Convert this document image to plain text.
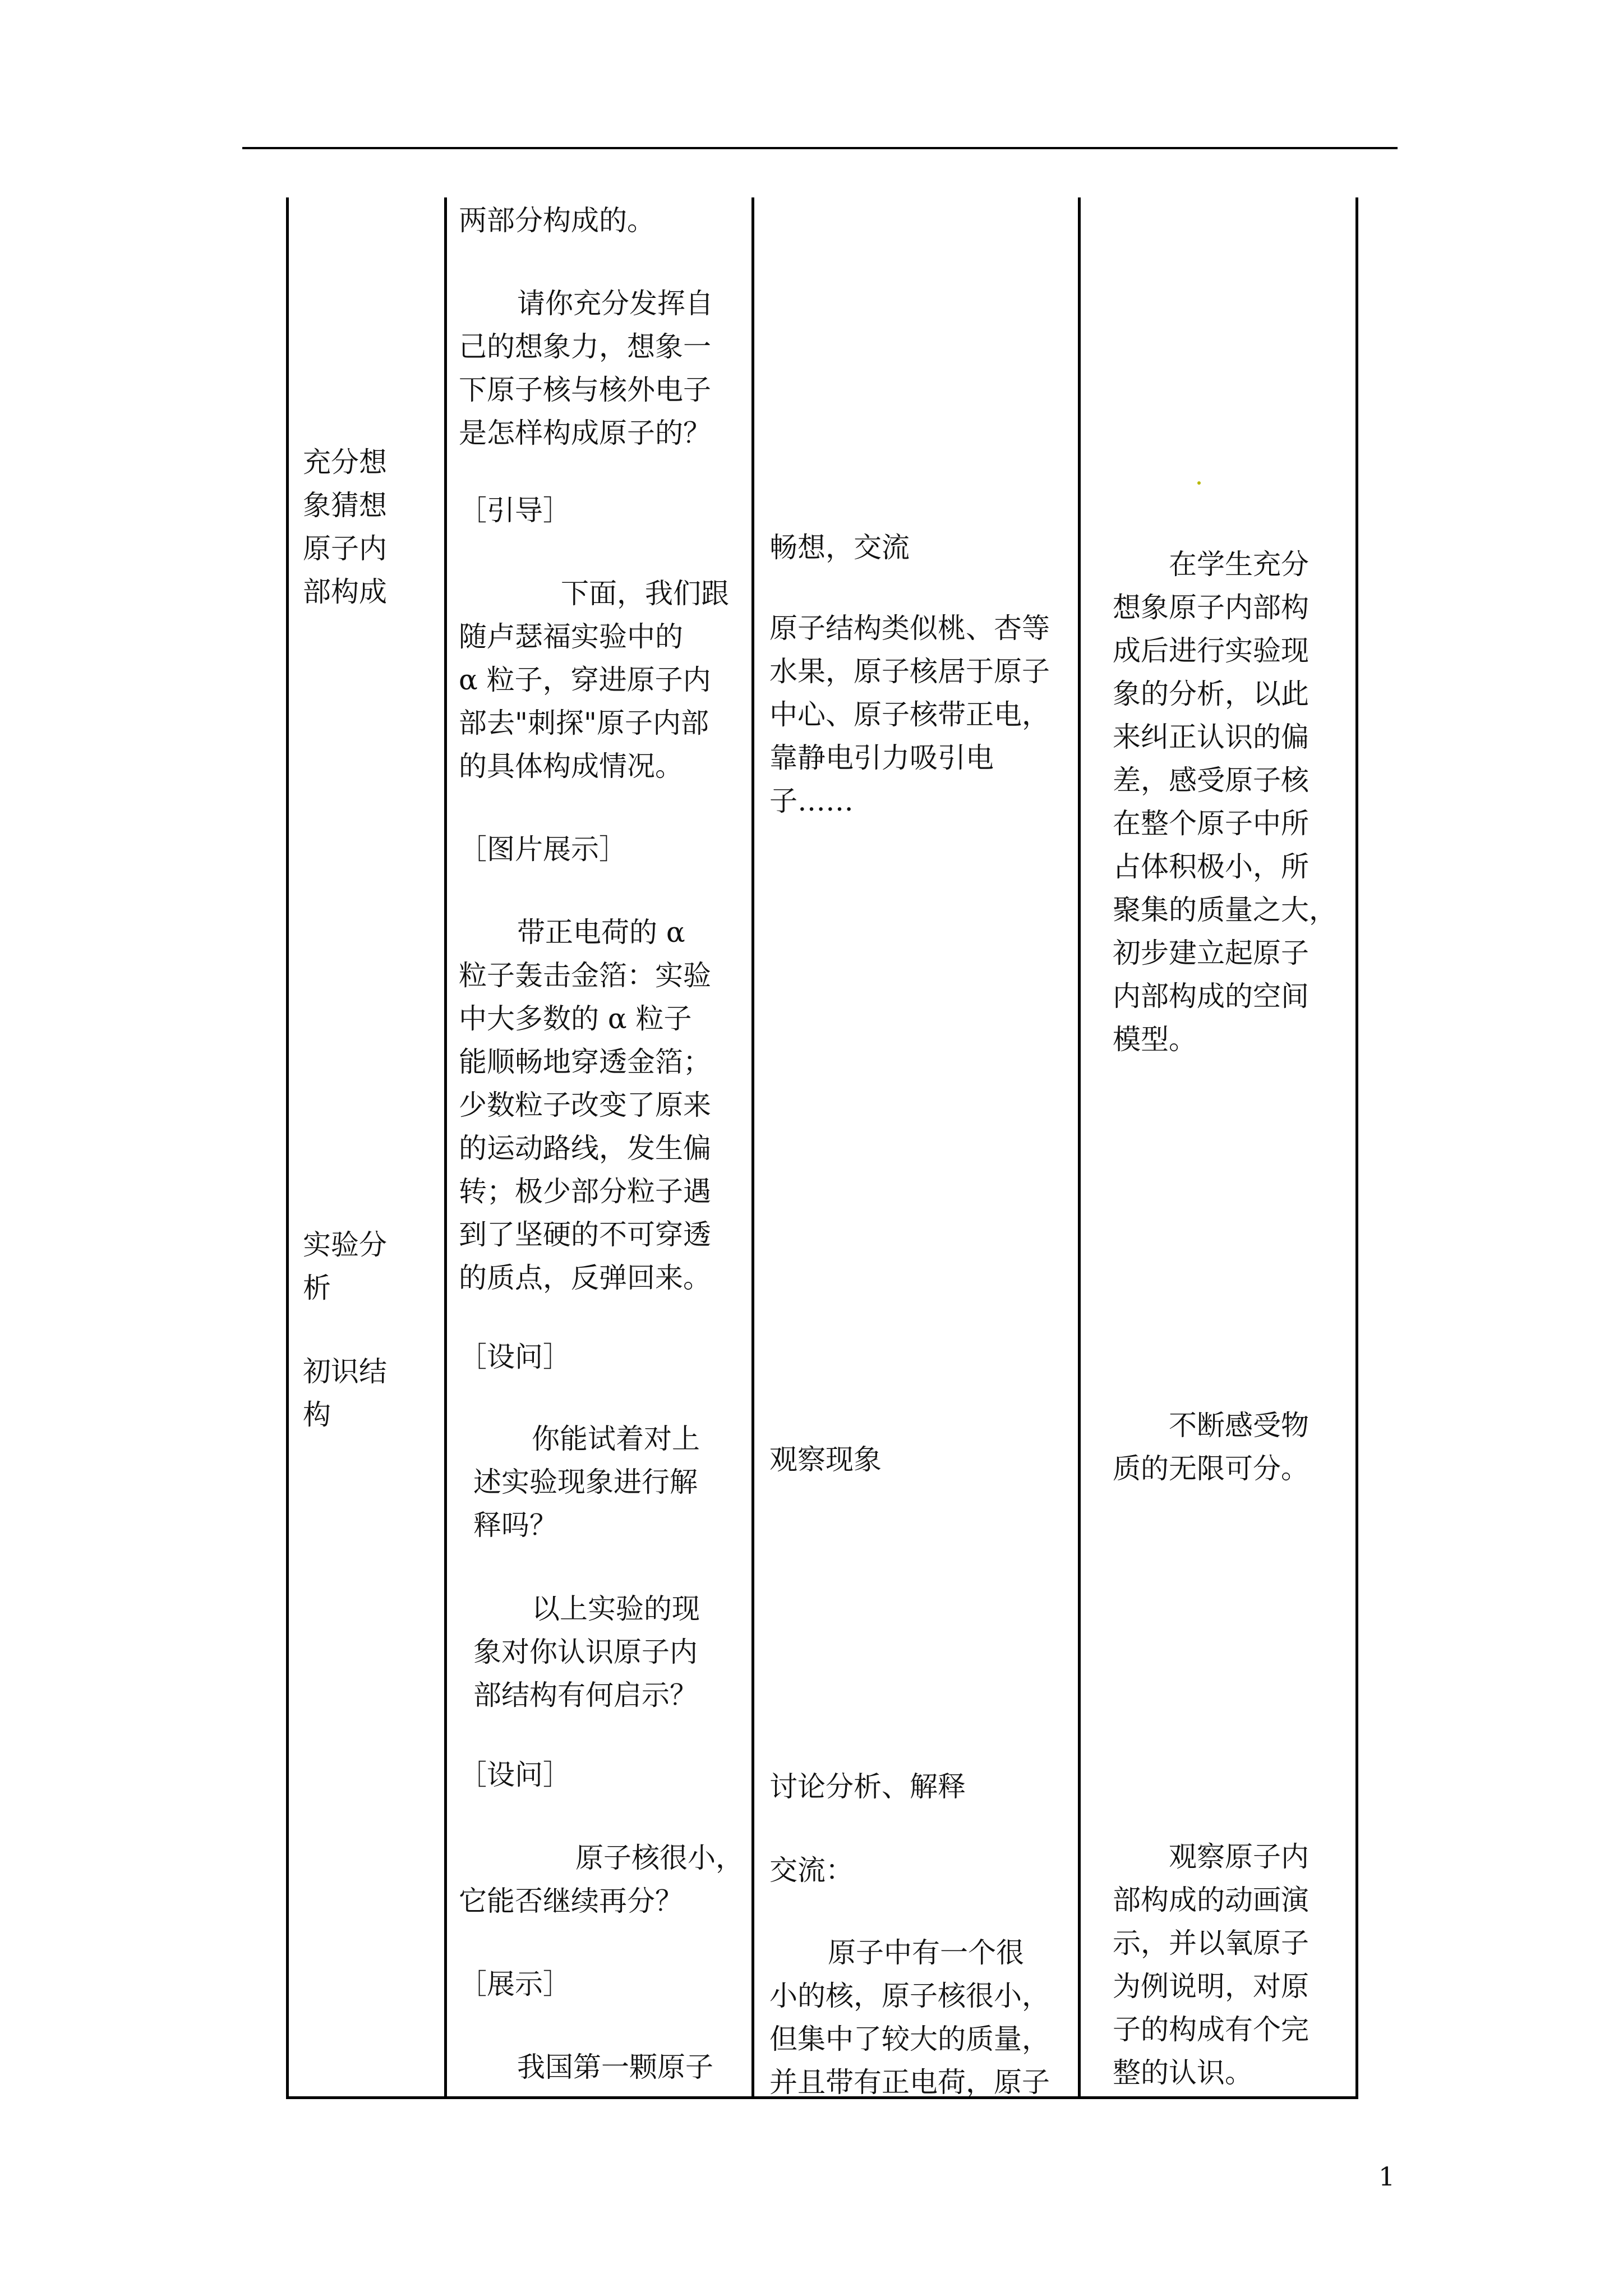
充分想
象猜想
原子内
部构成
实验分
析
初识结
构
两部分构成的。
请你充分发挥自
己的想象力，想象一
下原子核与核外电子
是怎样构成原子的？
［引导］
下面，我们跟
随卢瑟福实验中的
α 粒子，穿进原子内
部去"刺探"原子内部
的具体构成情况。
［图片展示］
带正电荷的 α
粒子轰击金箔：实验
中大多数的 α 粒子
能顺畅地穿透金箔；
少数粒子改变了原来
的运动路线，发生偏
转；极少部分粒子遇
到了坚硬的不可穿透
的质点，反弹回来。
［设问］
你能试着对上
述实验现象进行解
释吗？
以上实验的现
象对你认识原子内
部结构有何启示？
［设问］
原子核很小，
它能否继续再分？
［展示］
我国第一颗原子
畅想，交流
原子结构类似桃、杏等
水果，原子核居于原子
中心、原子核带正电，
靠静电引力吸引电
子……
观察现象
讨论分析、解释
交流：
原子中有一个很
小的核，原子核很小，
但集中了较大的质量，
并且带有正电荷，原子
在学生充分
想象原子内部构
成后进行实验现
象的分析，以此
来纠正认识的偏
差，感受原子核
在整个原子中所
占体积极小，所
聚集的质量之大，
初步建立起原子
内部构成的空间
模型。
不断感受物
质的无限可分。
观察原子内
部构成的动画演
示，并以氧原子
为例说明，对原
子的构成有个完
整的认识。
1
